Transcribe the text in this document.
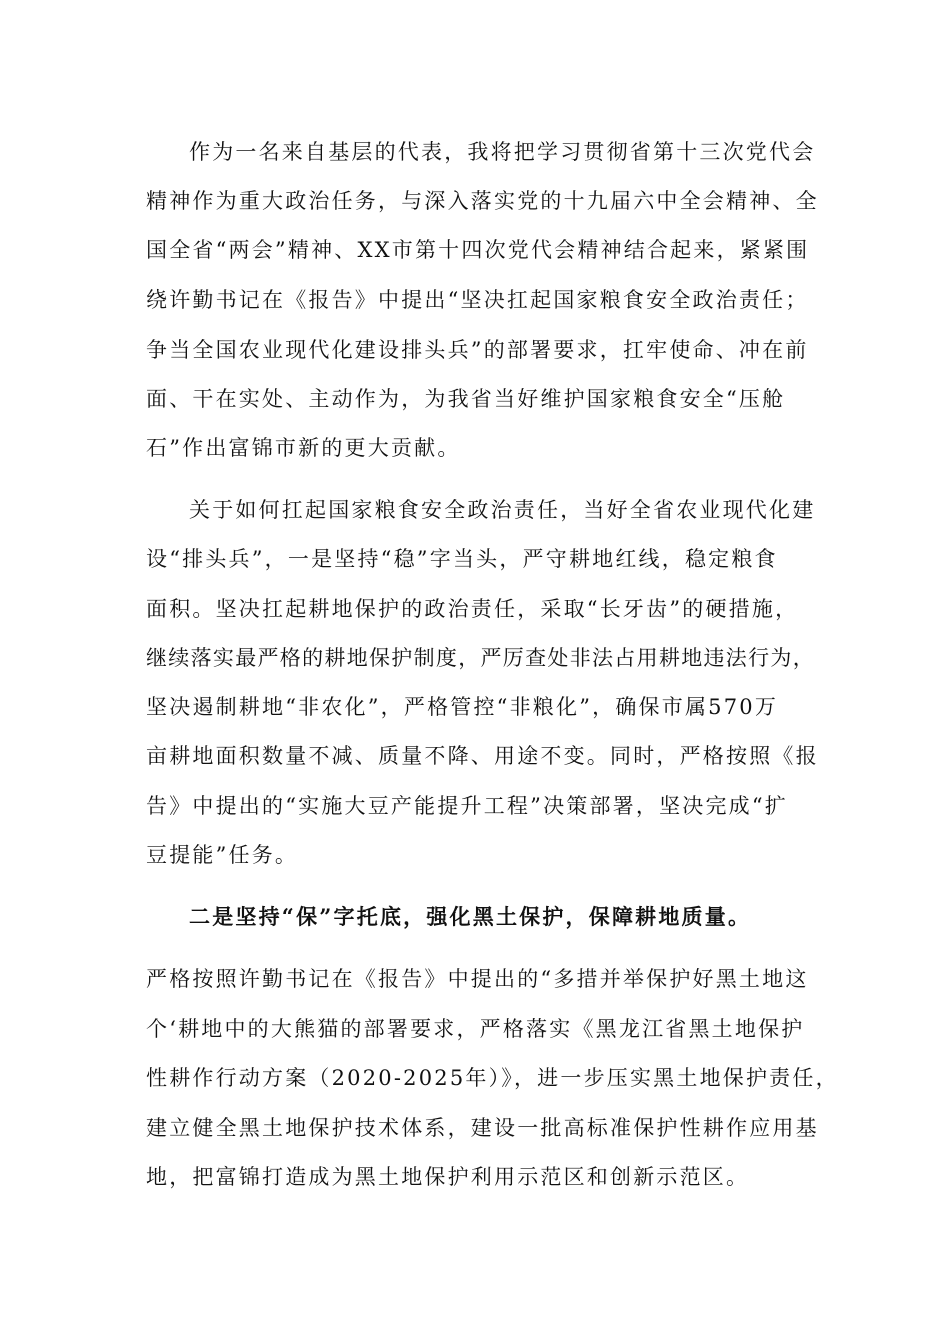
作为一名来自基层的代表，我将把学习贯彻省第十三次党代会

精神作为重大政治任务，与深入落实党的十九届六中全会精神、全

国全省“两会”精神、XX市第十四次党代会精神结合起来，紧紧围

绕许勤书记在《报告》中提出“坚决扛起国家粮食安全政治责任；

争当全国农业现代化建设排头兵”的部署要求，扛牢使命、冲在前

面、干在实处、主动作为，为我省当好维护国家粮食安全“压舱

石”作出富锦市新的更大贡献。

关于如何扛起国家粮食安全政治责任，当好全省农业现代化建

设“排头兵”，一是坚持“稳”字当头，严守耕地红线，稳定粮食

面积。坚决扛起耕地保护的政治责任，采取“长牙齿”的硬措施，

继续落实最严格的耕地保护制度，严厉查处非法占用耕地违法行为，

坚决遏制耕地“非农化”，严格管控“非粮化”，确保市属570万

亩耕地面积数量不减、质量不降、用途不变。同时，严格按照《报

告》中提出的“实施大豆产能提升工程”决策部署，坚决完成“扩

豆提能”任务。

二是坚持“保”字托底，强化黑土保护，保障耕地质量。

严格按照许勤书记在《报告》中提出的“多措并举保护好黑土地这

个‘耕地中的大熊猫的部署要求，严格落实《黑龙江省黑土地保护

性耕作行动方案（2020-2025年）》，进一步压实黑土地保护责任，

建立健全黑土地保护技术体系，建设一批高标准保护性耕作应用基

地，把富锦打造成为黑土地保护利用示范区和创新示范区。
